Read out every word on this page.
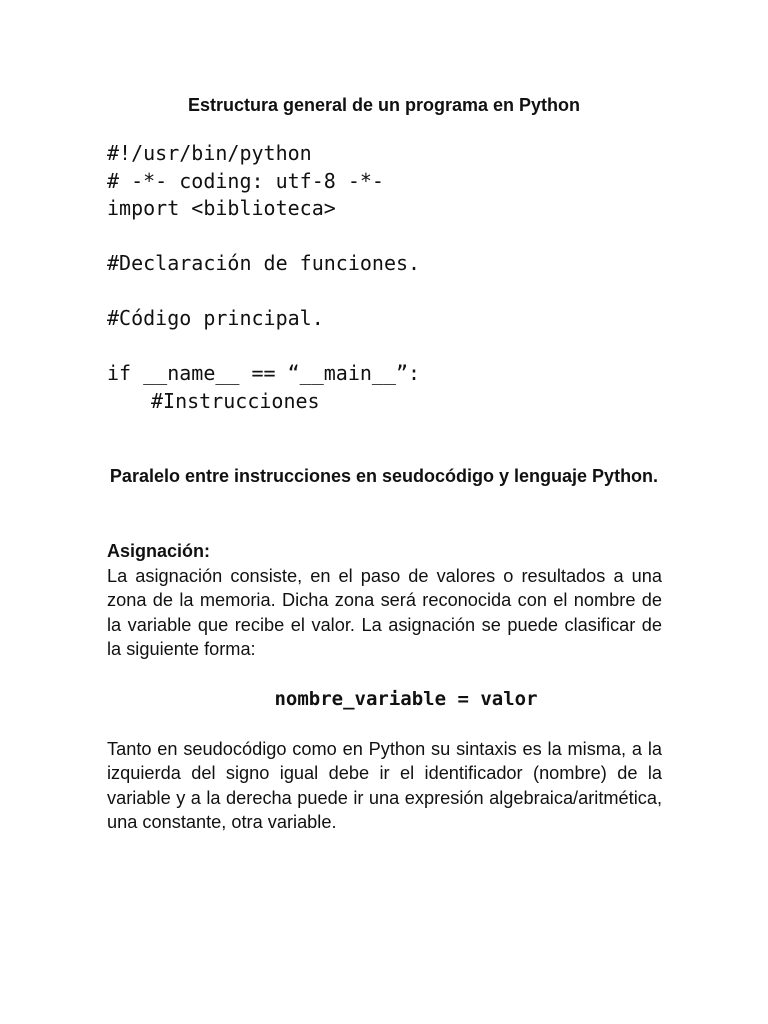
Estructura general de un programa en Python
#!/usr/bin/python
# -*- coding: utf-8 -*-
import <biblioteca>
#Declaración de funciones.
#Código principal.
if __name__ == “__main__”:
#Instrucciones
Paralelo entre instrucciones en seudocódigo y lenguaje Python.

Asignación:

La asignación consiste, en el paso de valores o resultados a una zona de la memoria. Dicha zona será reconocida con el nombre de la variable que recibe el valor. La asignación se puede clasificar de la siguiente forma:

nombre_variable = valor

Tanto en seudocódigo como en Python su sintaxis es la misma, a la izquierda del signo igual debe ir el identificador (nombre) de la variable y a la derecha puede ir una expresión algebraica/aritmética, una constante, otra variable.
